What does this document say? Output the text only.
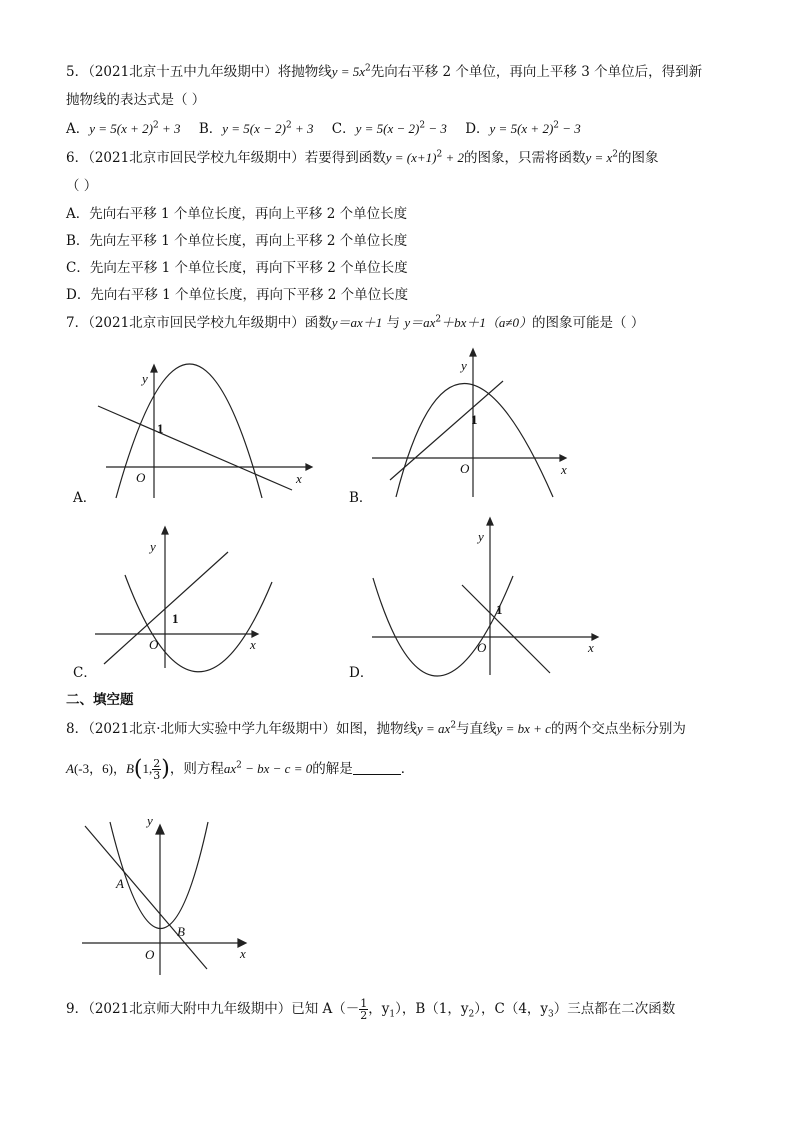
5．（2021北京十五中九年级期中）将抛物线$y = 5x^2$先向右平移 2 个单位，再向上平移 3 个单位后，得到新
抛物线的表达式是（ ）
A．$y = 5(x + 2)^2 + 3$ B．$y = 5(x - 2)^2 + 3$ C．$y = 5(x - 2)^2 - 3$ D．$y = 5(x + 2)^2 - 3$
6．（2021北京市回民学校九年级期中）若要得到函数$y = (x+1)^2 + 2$的图象，只需将函数$y = x^2$的图象
（ ）
A．先向右平移 1 个单位长度，再向上平移 2 个单位长度
B．先向左平移 1 个单位长度，再向上平移 2 个单位长度
C．先向左平移 1 个单位长度，再向下平移 2 个单位长度
D．先向右平移 1 个单位长度，再向下平移 2 个单位长度
7．（2021北京市回民学校九年级期中）函数y＝ax＋1 与 $y=ax^2+bx+1(a\ne 0)$的图象可能是（ ）
y
O	x
1
A．
y
O	x
1
B．
y
O	x
1
C．
y
O	x
1
D．
二、填空题
8．（2021北京·北师大实验中学九年级期中）如图，抛物线$y = ax^2$与直线y = bx + c的两个交点坐标分别为
A(-3，6)，B(1, $\frac{2}{3}$ )，则方程$ax^2$ − bx − c = 0的解是	．
y
A
B
O	x
9．（2021北京师大附中九年级期中）已知 $A(- \frac{1}{2}$ ，$y_1$），B（1，$y_2$），C（4，$y_3$）三点都在二次函数
